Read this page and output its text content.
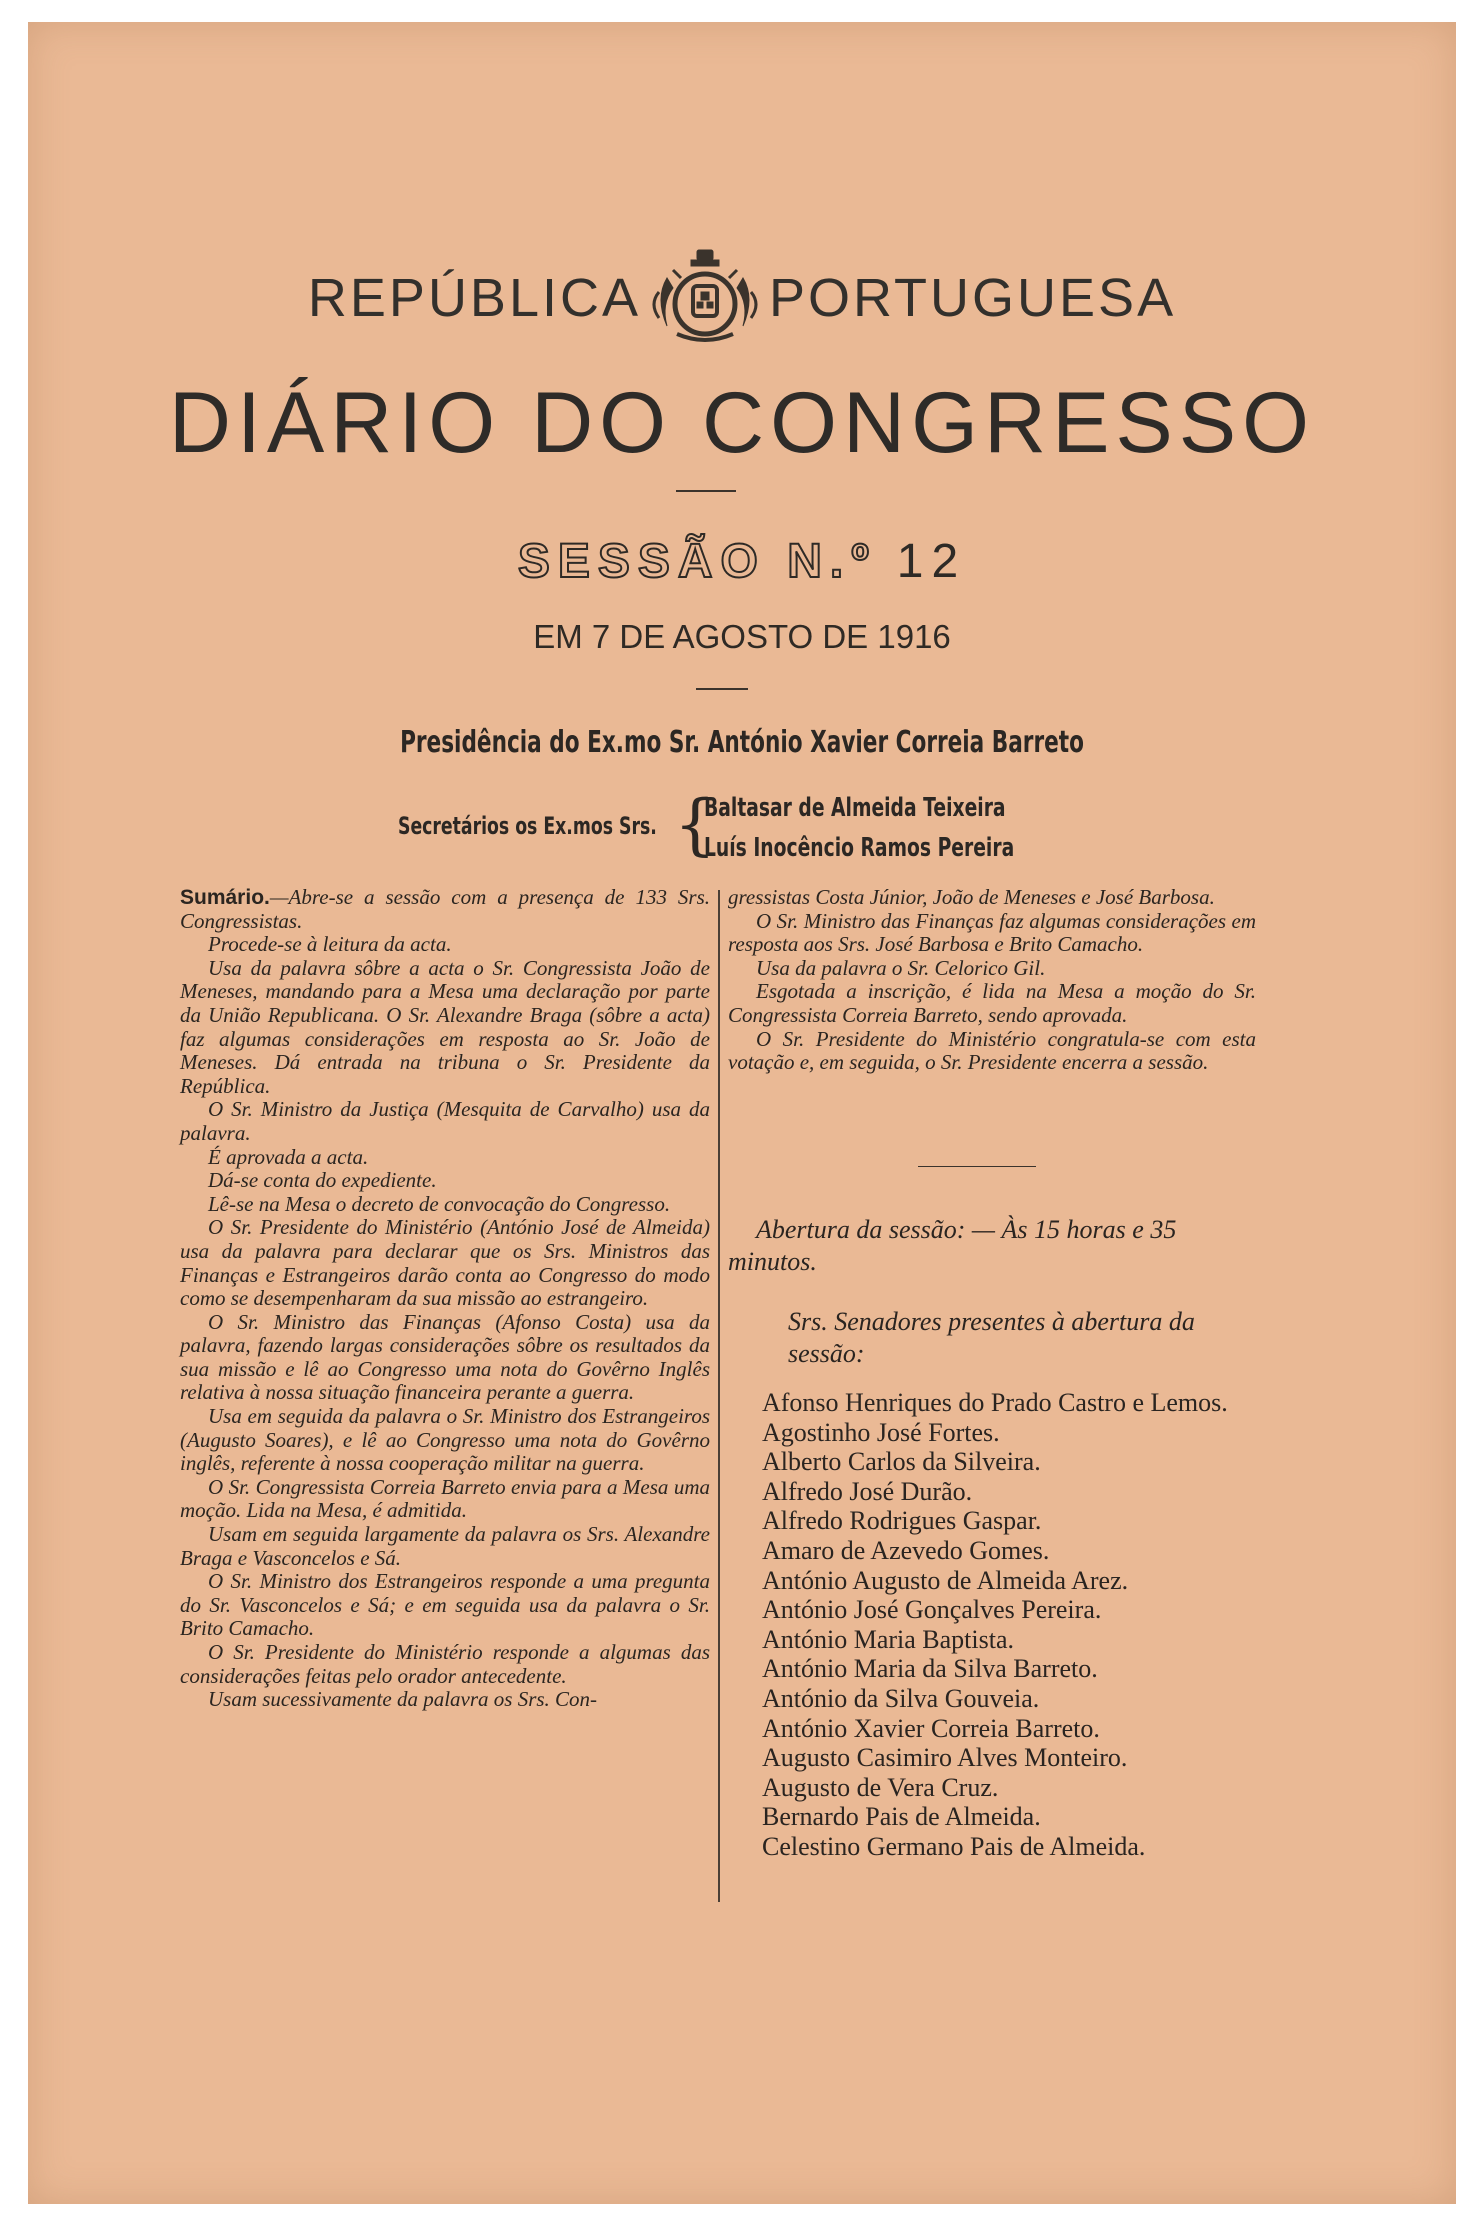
REPÚBLICA PORTUGUESA
DIÁRIO DO CONGRESSO
SESSÃO N.º 12
EM 7 DE AGOSTO DE 1916
Presidência do Ex.mo Sr. António Xavier Correia Barreto
Secretários os Ex.mos Srs. {
Baltasar de Almeida Teixeira
Luís Inocêncio Ramos Pereira

Sumário.—Abre-se a sessão com a presença de 133 Srs. Congressistas.

Procede-se à leitura da acta.

Usa da palavra sôbre a acta o Sr. Congressista João de Meneses, mandando para a Mesa uma declaração por parte da União Republicana. O Sr. Alexandre Braga (sôbre a acta) faz algumas considerações em resposta ao Sr. João de Meneses. Dá entrada na tribuna o Sr. Presidente da República.

O Sr. Ministro da Justiça (Mesquita de Carvalho) usa da palavra.

É aprovada a acta.

Dá-se conta do expediente.

Lê-se na Mesa o decreto de convocação do Congresso.

O Sr. Presidente do Ministério (António José de Almeida) usa da palavra para declarar que os Srs. Ministros das Finanças e Estrangeiros darão conta ao Congresso do modo como se desempenharam da sua missão ao estrangeiro.

O Sr. Ministro das Finanças (Afonso Costa) usa da palavra, fazendo largas considerações sôbre os resultados da sua missão e lê ao Congresso uma nota do Govêrno Inglês relativa à nossa situação financeira perante a guerra.

Usa em seguida da palavra o Sr. Ministro dos Estrangeiros (Augusto Soares), e lê ao Congresso uma nota do Govêrno inglês, referente à nossa cooperação militar na guerra.

O Sr. Congressista Correia Barreto envia para a Mesa uma moção. Lida na Mesa, é admitida.

Usam em seguida largamente da palavra os Srs. Alexandre Braga e Vasconcelos e Sá.

O Sr. Ministro dos Estrangeiros responde a uma pregunta do Sr. Vasconcelos e Sá; e em seguida usa da palavra o Sr. Brito Camacho.

O Sr. Presidente do Ministério responde a algumas das considerações feitas pelo orador antecedente.

Usam sucessivamente da palavra os Srs. Con-

gressistas Costa Júnior, João de Meneses e José Barbosa.

O Sr. Ministro das Finanças faz algumas considerações em resposta aos Srs. José Barbosa e Brito Camacho.

Usa da palavra o Sr. Celorico Gil.

Esgotada a inscrição, é lida na Mesa a moção do Sr. Congressista Correia Barreto, sendo aprovada.

O Sr. Presidente do Ministério congratula-se com esta votação e, em seguida, o Sr. Presidente encerra a sessão.

Abertura da sessão: — Às 15 horas e 35 minutos.
Srs. Senadores presentes à abertura da sessão:
Afonso Henriques do Prado Castro e Lemos.
Agostinho José Fortes.
Alberto Carlos da Silveira.
Alfredo José Durão.
Alfredo Rodrigues Gaspar.
Amaro de Azevedo Gomes.
António Augusto de Almeida Arez.
António José Gonçalves Pereira.
António Maria Baptista.
António Maria da Silva Barreto.
António da Silva Gouveia.
António Xavier Correia Barreto.
Augusto Casimiro Alves Monteiro.
Augusto de Vera Cruz.
Bernardo Pais de Almeida.
Celestino Germano Pais de Almeida.
